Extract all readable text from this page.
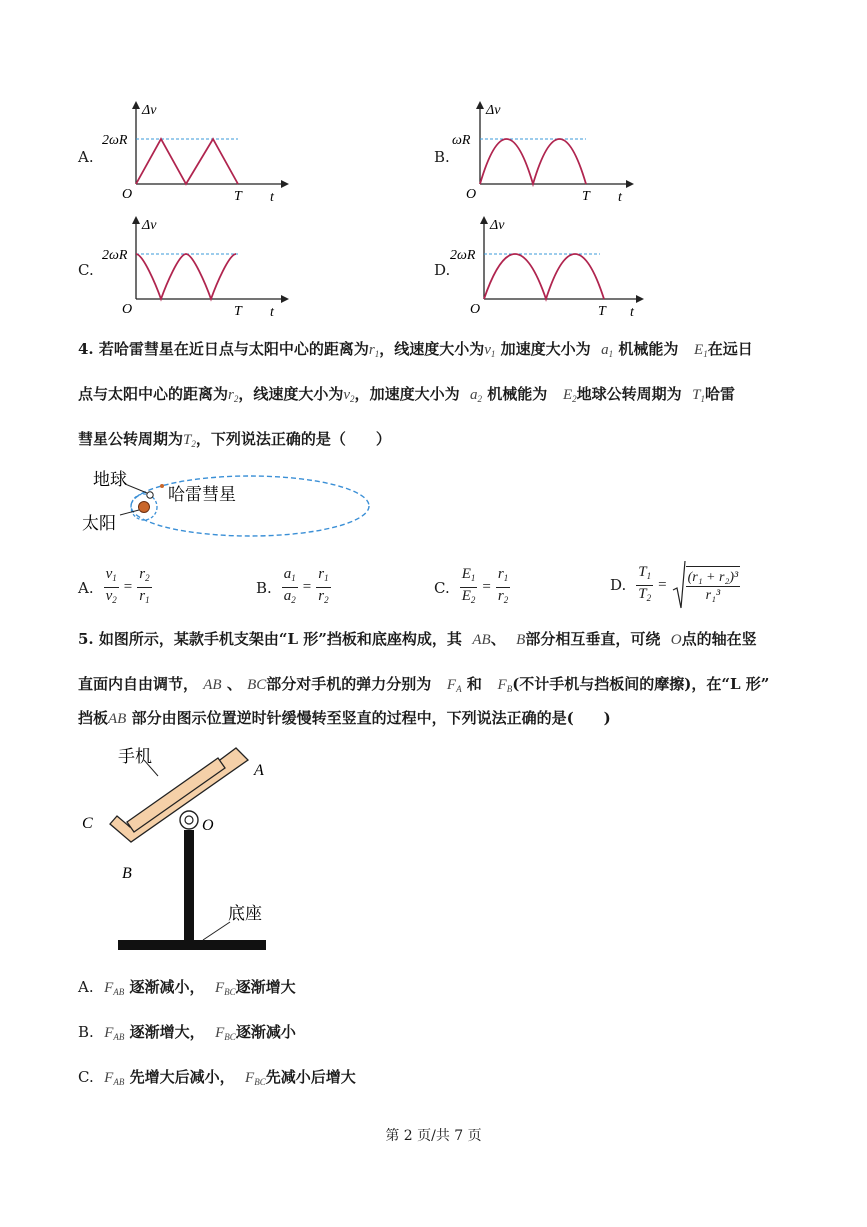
A.
Δv
2ωR
O	T t
B.
Δv
ωR
O	T t
C.
Δv
2ωR
O	T t
D.
Δv
2ωR
O	T t
4. 若哈雷彗星在近日点与太阳中心的距离为$r_1$，线速度大小为$v_1$ 加速度大小为 $a_1$ 机械能为 $E_1$在远日
点与太阳中心的距离为$r_2$，线速度大小为$v_2$，加速度大小为 $a_2$ 机械能为 $E_2$地球公转周期为 $T_1$哈雷
彗星公转周期为$T_2$，下列说法正确的是（　　）
地球
哈雷彗星
太阳
A. $\frac{v_1}{v_2} = \frac{r_2}{r_1}$	B. $\frac{a_1}{a_2} = \frac{r_1}{r_2}$	C. $\frac{E_1}{E_2} = \frac{r_1}{r_2}$	D. $\frac{T_1}{T_2} = \frac{\text{(r₁ + r₂)³}}{\text{r₁³}}$
5. 如图所示，某款手机支架由“L 形”挡板和底座构成，其 AB、  B部分相互垂直，可绕 O点的轴在竖
直面内自由调节， AB 、 BC部分对手机的弹力分别为 $F_A$ 和 $F_B$(不计手机与挡板间的摩擦)，在“L 形”
挡板AB 部分由图示位置逆时针缓慢转至竖直的过程中，下列说法正确的是(　　)
手机
A
C	O
B
底座
A. $F_{AB}$ 逐渐减小， $F_{BC}$逐渐增大
B. $F_{AB}$ 逐渐增大， $F_{BC}$逐渐减小
C. $F_{AB}$ 先增大后减小， $F_{BC}$先减小后增大
第 2 页/共 7 页
